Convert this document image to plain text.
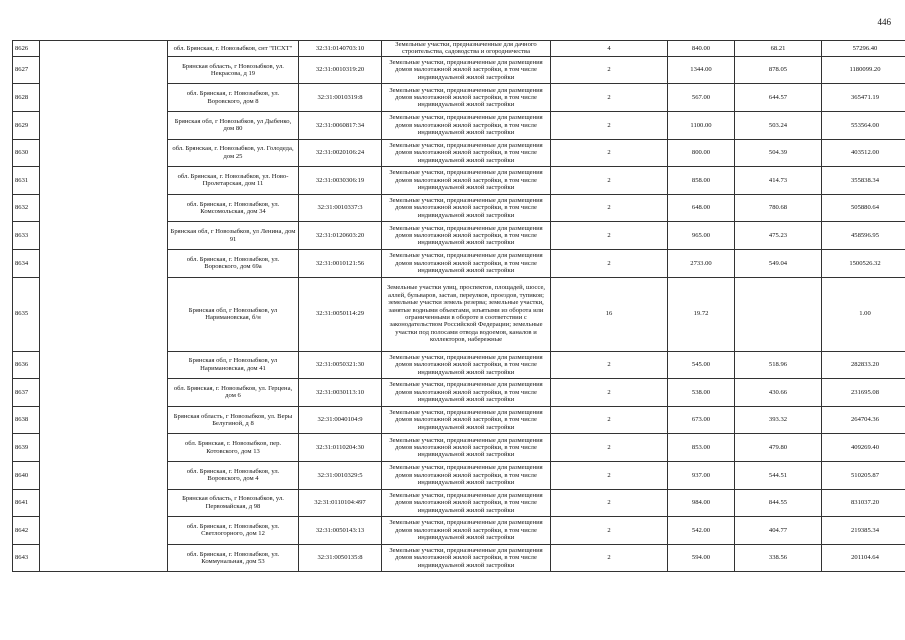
446
8626		обл. Брянская, г. Новозыбков, снт "ПСХТ"	32:31:0140703:10	Земельные участки, предназначенные для дачного строительства, садоводства и огородничества	4	840.00	68.21	57296.40
8627		Брянская область, г Новозыбков, ул. Некрасова, д 19	32:31:0010319:20	Земельные участки, предназначенные для размещения домов малоэтажной жилой застройки, в том числе индивидуальной жилой застройки	2	1344.00	878.05	1180099.20
8628		обл. Брянская, г. Новозыбков, ул. Воровского, дом 8	32:31:0010319:8	Земельные участки, предназначенные для размещения домов малоэтажной жилой застройки, в том числе индивидуальной жилой застройки	2	567.00	644.57	365471.19
8629		Брянская обл, г Новозыбков, ул Дыбенко, дом 80	32:31:0060817:34	Земельные участки, предназначенные для размещения домов малоэтажной жилой застройки, в том числе индивидуальной жилой застройки	2	1100.00	503.24	553564.00
8630		обл. Брянская, г. Новозыбков, ул. Голодеда, дом 25	32:31:0020106:24	Земельные участки, предназначенные для размещения домов малоэтажной жилой застройки, в том числе индивидуальной жилой застройки	2	800.00	504.39	403512.00
8631		обл. Брянская, г. Новозыбков, ул. Ново-Пролетарская, дом 11	32:31:0030306:19	Земельные участки, предназначенные для размещения домов малоэтажной жилой застройки, в том числе индивидуальной жилой застройки	2	858.00	414.73	355838.34
8632		обл. Брянская, г. Новозыбков, ул. Комсомольская, дом 34	32:31:0010337:3	Земельные участки, предназначенные для размещения домов малоэтажной жилой застройки, в том числе индивидуальной жилой застройки	2	648.00	780.68	505880.64
8633		Брянская обл, г Новозыбков, ул Ленина, дом 91	32:31:0120603:20	Земельные участки, предназначенные для размещения домов малоэтажной жилой застройки, в том числе индивидуальной жилой застройки	2	965.00	475.23	458596.95
8634		обл. Брянская, г. Новозыбков, ул. Воровского, дом 69а	32:31:0010121:56	Земельные участки, предназначенные для размещения домов малоэтажной жилой застройки, в том числе индивидуальной жилой застройки	2	2733.00	549.04	1500526.32
8635		Брянская обл, г Новозыбков, ул Наримановская, б/н	32:31:0050114:29	Земельные участки улиц, проспектов, площадей, шоссе, аллей, бульваров, застав, переулков, проездов, тупиков; земельные участки земель резерва; земельные участки, занятые водными объектами, изъятыми из оборота или ограниченными в обороте в соответствии с законодательством Российской Федерации; земельные участки под полосами отвода водоемов, каналов и коллекторов, набережные	16	19.72		1.00
8636		Брянская обл, г Новозыбков, ул Наримановская, дом 41	32:31:0050321:30	Земельные участки, предназначенные для размещения домов малоэтажной жилой застройки, в том числе индивидуальной жилой застройки	2	545.00	518.96	282833.20
8637		обл. Брянская, г. Новозыбков, ул. Герцена, дом 6	32:31:0030113:10	Земельные участки, предназначенные для размещения домов малоэтажной жилой застройки, в том числе индивидуальной жилой застройки	2	538.00	430.66	231695.08
8638		Брянская область, г Новозыбков, ул. Веры Белугиной, д 8	32:31:0040104:9	Земельные участки, предназначенные для размещения домов малоэтажной жилой застройки, в том числе индивидуальной жилой застройки	2	673.00	393.32	264704.36
8639		обл. Брянская, г. Новозыбков, пер. Котовского, дом 13	32:31:0110204:30	Земельные участки, предназначенные для размещения домов малоэтажной жилой застройки, в том числе индивидуальной жилой застройки	2	853.00	479.80	409269.40
8640		обл. Брянская, г. Новозыбков, ул. Воровского, дом 4	32:31:0010329:5	Земельные участки, предназначенные для размещения домов малоэтажной жилой застройки, в том числе индивидуальной жилой застройки	2	937.00	544.51	510205.87
8641		Брянская область, г Новозыбков, ул. Первомайская, д 98	32:31:0110104:497	Земельные участки, предназначенные для размещения домов малоэтажной жилой застройки, в том числе индивидуальной жилой застройки	2	984.00	844.55	831037.20
8642		обл. Брянская, г. Новозыбков, ул. Светлогорного, дом 12	32:31:0050143:13	Земельные участки, предназначенные для размещения домов малоэтажной жилой застройки, в том числе индивидуальной жилой застройки	2	542.00	404.77	219385.34
8643		обл. Брянская, г. Новозыбков, ул. Коммунальная, дом 53	32:31:0050135:8	Земельные участки, предназначенные для размещения домов малоэтажной жилой застройки, в том числе индивидуальной жилой застройки	2	594.00	338.56	201104.64
